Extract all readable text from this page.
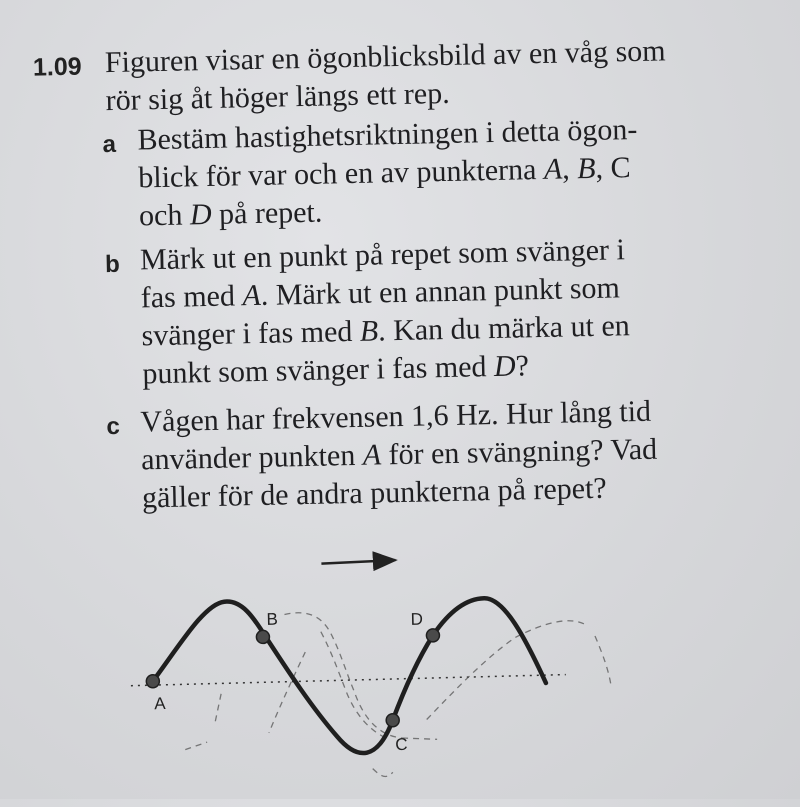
1.09 Figuren visar en ögonblicksbild av en våg som
rör sig åt höger längs ett rep.
a Bestäm hastighetsriktningen i detta ögon-
blick för var och en av punkterna A, B, C
och D på repet.
b Märk ut en punkt på repet som svänger i
fas med A. Märk ut en annan punkt som
svänger i fas med B. Kan du märka ut en
punkt som svänger i fas med D?
c Vågen har frekvensen 1,6 Hz. Hur lång tid
använder punkten A för en svängning? Vad
gäller för de andra punkterna på repet?
A
B
C
D
